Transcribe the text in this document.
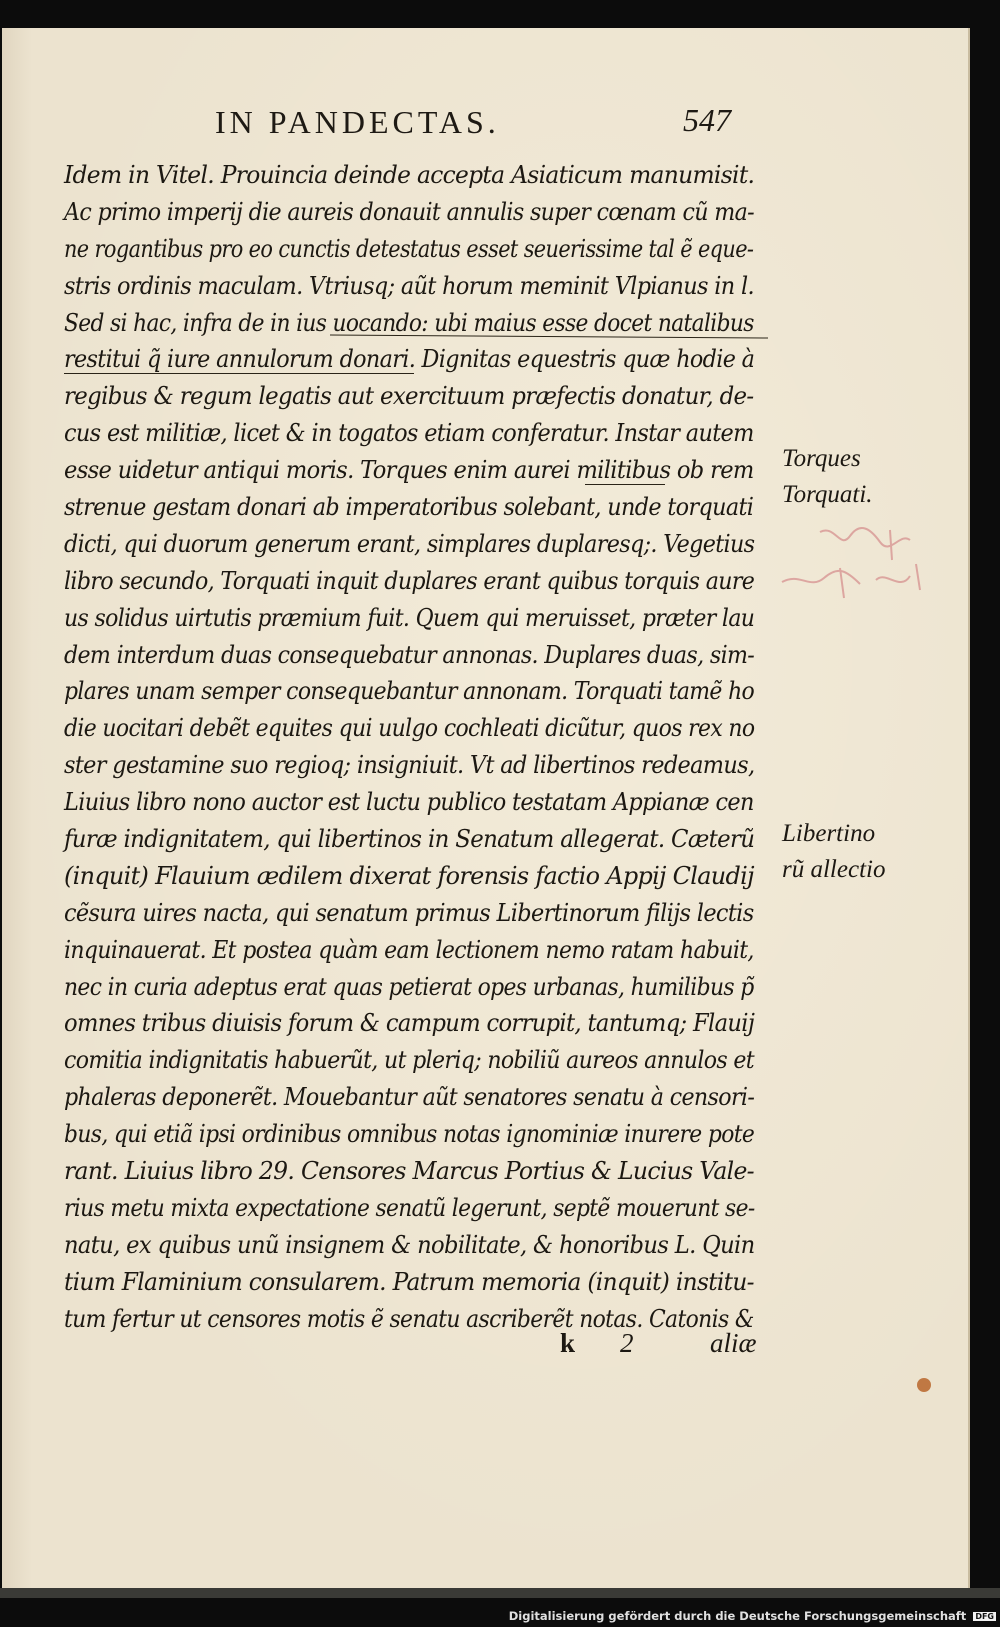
IN PANDECTAS.	547
Idem in Vitel. Prouincia deinde accepta Asiaticum manumisit.
Ac primo imperij die aureis donauit annulis super cœnam cũ ma-
ne rogantibus pro eo cunctis detestatus esset seuerissime tal ẽ eque-
stris ordinis maculam. Vtriusq; aũt horum meminit Vlpianus in l.
Sed si hac, infra de in ius uocando: ubi maius esse docet natalibus
restitui q̃ iure annulorum donari. Dignitas equestris quæ hodie à
regibus & regum legatis aut exercituum præfectis donatur, de-
cus est militiæ, licet & in togatos etiam conferatur. Instar autem
esse uidetur antiqui moris. Torques enim aurei militibus ob rem
strenue gestam donari ab imperatoribus solebant, unde torquati
dicti, qui duorum generum erant, simplares duplaresq;. Vegetius
libro secundo, Torquati inquit duplares erant quibus torquis aure
us solidus uirtutis præmium fuit. Quem qui meruisset, præter lau
dem interdum duas consequebatur annonas. Duplares duas, sim-
plares unam semper consequebantur annonam. Torquati tamẽ ho
die uocitari debẽt equites qui uulgo cochleati dicũtur, quos rex no
ster gestamine suo regioq; insigniuit. Vt ad libertinos redeamus,
Liuius libro nono auctor est luctu publico testatam Appianæ cen
furæ indignitatem, qui libertinos in Senatum allegerat. Cæterũ
(inquit) Flauium ædilem dixerat forensis factio Appij Claudij
cẽsura uires nacta, qui senatum primus Libertinorum filijs lectis
inquinauerat. Et postea quàm eam lectionem nemo ratam habuit,
nec in curia adeptus erat quas petierat opes urbanas, humilibus p̃
omnes tribus diuisis forum & campum corrupit, tantumq; Flauij
comitia indignitatis habuerũt, ut pleriq; nobiliũ aureos annulos et
phaleras deponerẽt. Mouebantur aũt senatores senatu à censori-
bus, qui etiã ipsi ordinibus omnibus notas ignominiæ inurere pote
rant. Liuius libro 29. Censores Marcus Portius & Lucius Vale-
rius metu mixta expectatione senatũ legerunt, septẽ mouerunt se-
natu, ex quibus unũ insignem & nobilitate, & honoribus L. Quin
tium Flaminium consularem. Patrum memoria (inquit) institu-
tum fertur ut censores motis ẽ senatu ascriberẽt notas. Catonis &
Torques
Torquati.
Libertino
rũ allectio
k 2	aliæ
Digitalisierung gefördert durch die Deutsche Forschungsgemeinschaft DFG
